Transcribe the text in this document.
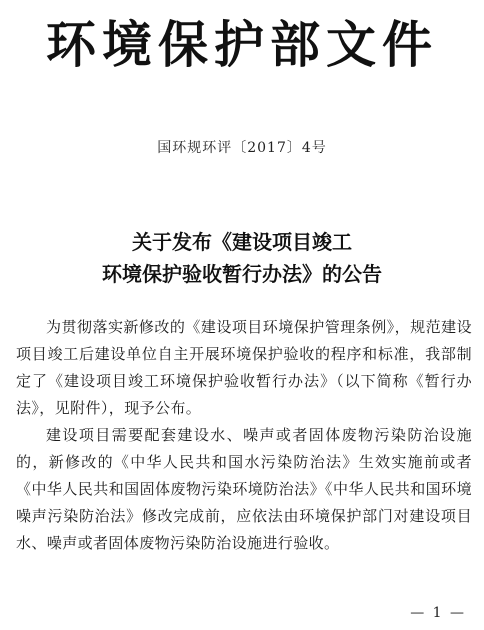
环境保护部文件
国环规环评〔2017〕4号
关于发布《建设项目竣工
环境保护验收暂行办法》的公告

为贯彻落实新修改的《建设项目环境保护管理条例》，规范建设项目竣工后建设单位自主开展环境保护验收的程序和标准，我部制定了《建设项目竣工环境保护验收暂行办法》（以下简称《暂行办法》，见附件），现予公布。

建设项目需要配套建设水、噪声或者固体废物污染防治设施的，新修改的《中华人民共和国水污染防治法》生效实施前或者《中华人民共和国固体废物污染环境防治法》《中华人民共和国环境噪声污染防治法》修改完成前，应依法由环境保护部门对建设项目水、噪声或者固体废物污染防治设施进行验收。

— 1 —
